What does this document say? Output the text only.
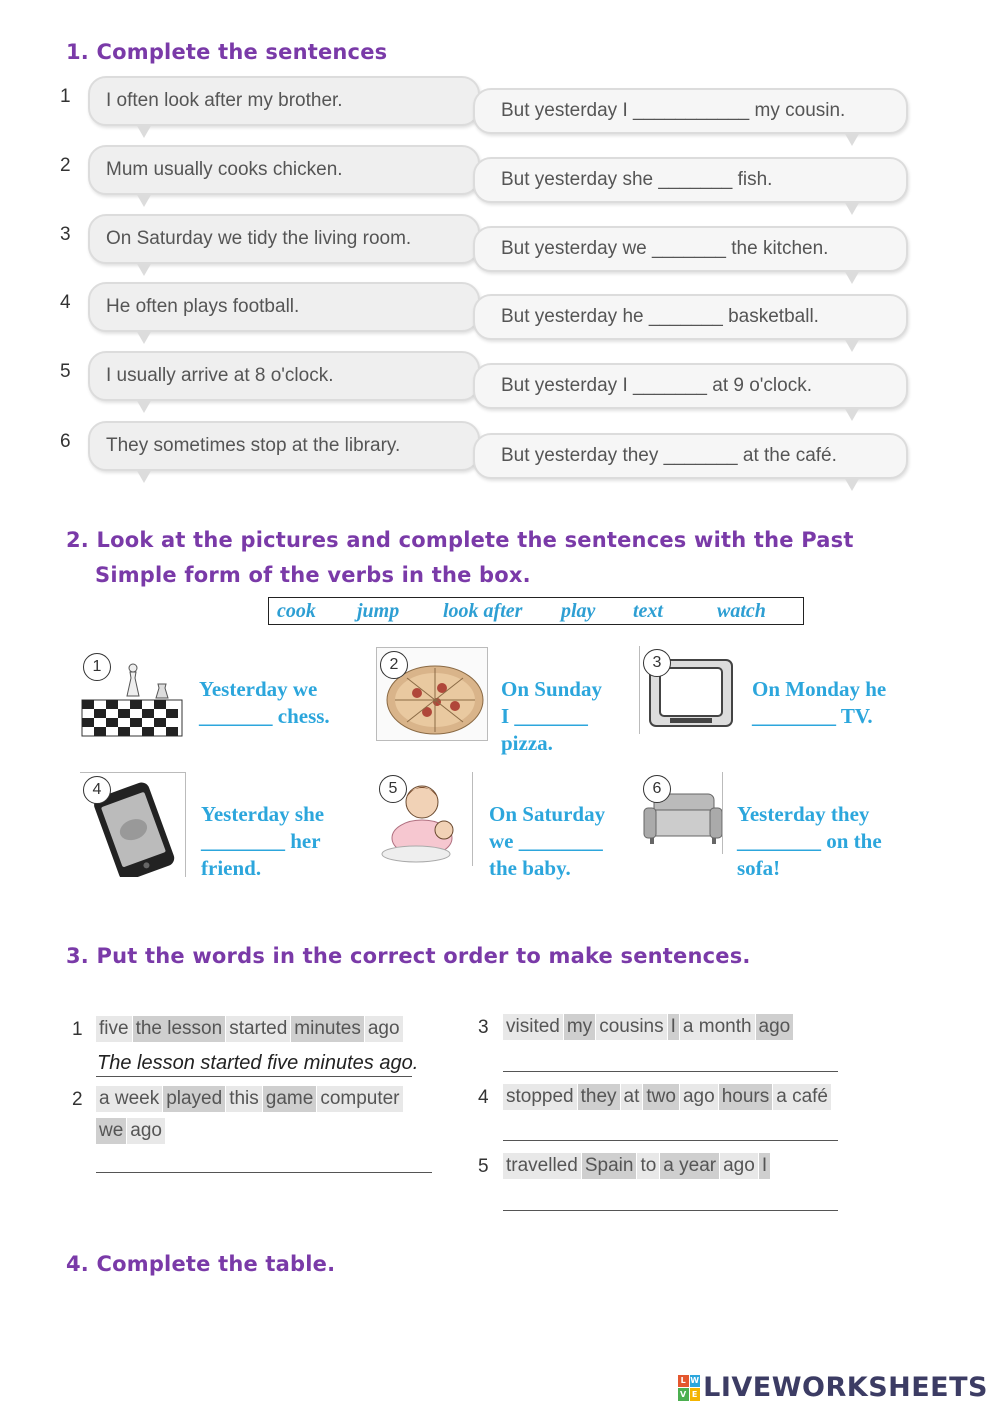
1. Complete the sentences
1	I often look after my brother.	But yesterday I ___________ my cousin.
2	Mum usually cooks chicken.	But yesterday she _______ fish.
3	On Saturday we tidy the living room.	But yesterday we _______ the kitchen.
4	He often plays football.	But yesterday he _______ basketball.
5	I usually arrive at 8 o'clock.	But yesterday I _______ at 9 o'clock.
6	They sometimes stop at the library.	But yesterday they _______ at the café.
2. Look at the pictures and complete the sentences with the Past
Simple form of the verbs in the box.
cook jump look after play text	watch
1
Yesterday we
_______ chess.
2
On Sunday
I _______
pizza.
3
On Monday he
________ TV.
4
Yesterday she
________ her
friend.
5
On Saturday
we ________
the baby.
6
Yesterday they
________ on the
sofa!
3. Put the words in the correct order to make sentences.
1 five the lesson started minutes ago
The lesson started five minutes ago.
2 a week played this game computer
we ago
3 visited my cousins I a month ago
4 stopped they at two ago hours a café
5 travelled Spain to a year ago I
4. Complete the table.
L W
V E LIVEWORKSHEETS
